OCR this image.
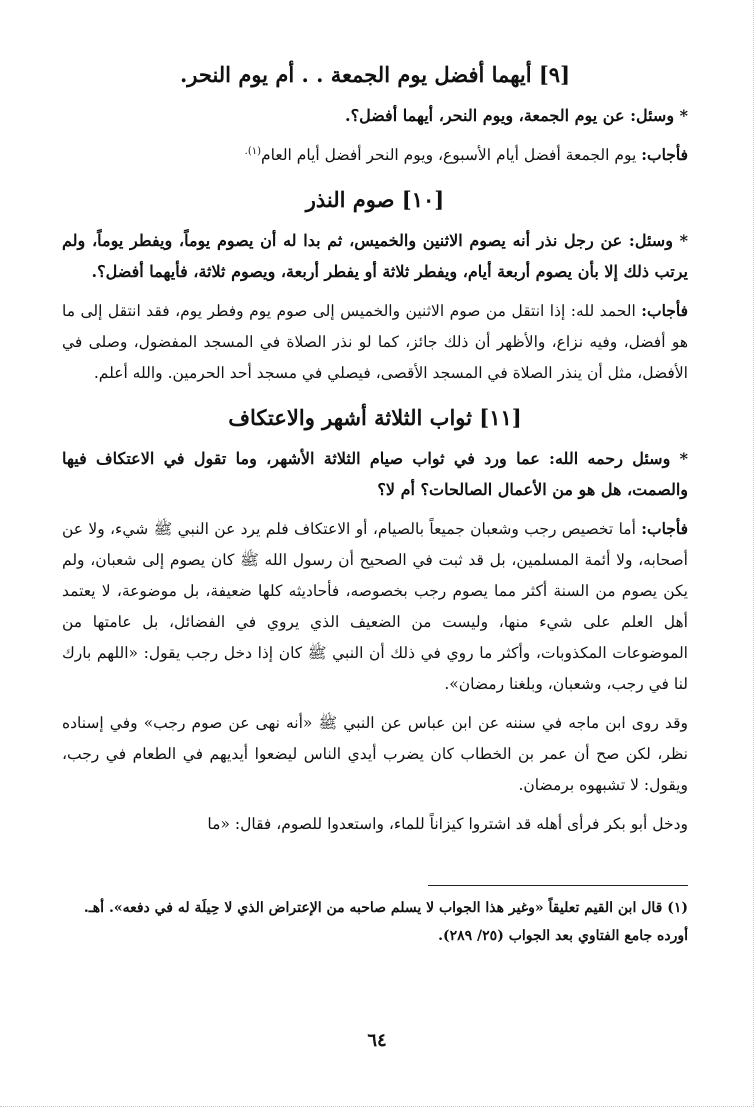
[٩] أيهما أفضل يوم الجمعة . . أم يوم النحر.

* وسئل: عن يوم الجمعة، ويوم النحر، أيهما أفضل؟.

فأجاب: يوم الجمعة أفضل أيام الأسبوع، ويوم النحر أفضل أيام العام$^{(١).}$

[١٠] صوم النذر

* وسئل: عن رجل نذر أنه يصوم الاثنين والخميس، ثم بدا له أن يصوم يوماً، ويفطر يوماً، ولم يرتب ذلك إلا بأن يصوم أربعة أيام، ويفطر ثلاثة أو يفطر أربعة، ويصوم ثلاثة، فأيهما أفضل؟.

فأجاب: الحمد لله: إذا انتقل من صوم الاثنين والخميس إلى صوم يوم وفطر يوم، فقد انتقل إلى ما هو أفضل، وفيه نزاع، والأظهر أن ذلك جائز، كما لو نذر الصلاة في المسجد المفضول، وصلى في الأفضل، مثل أن ينذر الصلاة في المسجد الأقصى، فيصلي في مسجد أحد الحرمين. والله أعلم.

[١١] ثواب الثلاثة أشهر والاعتكاف

* وسئل رحمه الله: عما ورد في ثواب صيام الثلاثة الأشهر، وما تقول في الاعتكاف فيها والصمت، هل هو من الأعمال الصالحات؟ أم لا؟

فأجاب: أما تخصيص رجب وشعبان جميعاً بالصيام، أو الاعتكاف فلم يرد عن النبي ﷺ شيء، ولا عن أصحابه، ولا أئمة المسلمين، بل قد ثبت في الصحيح أن رسول الله ﷺ كان يصوم إلى شعبان، ولم يكن يصوم من السنة أكثر مما يصوم رجب بخصوصه، فأحاديثه كلها ضعيفة، بل موضوعة، لا يعتمد أهل العلم على شيء منها، وليست من الضعيف الذي يروي في الفضائل، بل عامتها من الموضوعات المكذوبات، وأكثر ما روي في ذلك أن النبي ﷺ كان إذا دخل رجب يقول: «اللهم بارك لنا في رجب، وشعبان، وبلغنا رمضان».

وقد روى ابن ماجه في سننه عن ابن عباس عن النبي ﷺ «أنه نهى عن صوم رجب» وفي إسناده نظر، لكن صح أن عمر بن الخطاب كان يضرب أيدي الناس ليضعوا أيديهم في الطعام في رجب، ويقول: لا تشبهوه برمضان.

ودخل أبو بكر فرأى أهله قد اشتروا كيزاناً للماء، واستعدوا للصوم، فقال: «ما

(١) قال ابن القيم تعليقاً «وغير هذا الجواب لا يسلم صاحبه من الإعتراض الذي لا حِيلَة له في دفعه». أهـ.

أورده جامع الفتاوي بعد الجواب (٢٥/ ٢٨٩).

٦٤
